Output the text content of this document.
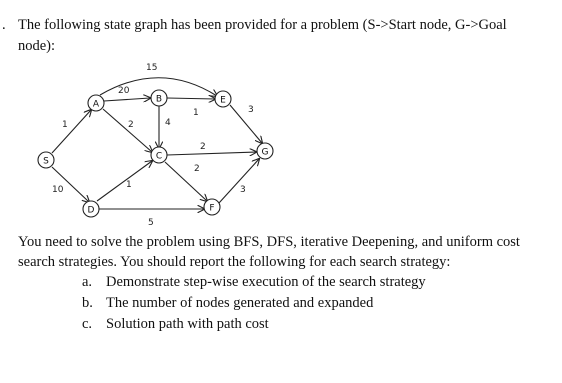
. The following state graph has been provided for a problem (S->Start node, G->Goal
node):
S
A	B
C
D
E
F
G
15
20
1	2	4
1	3
2
2
10	1	3
5
You need to solve the problem using BFS, DFS, iterative Deepening, and uniform cost
search strategies. You should report the following for each search strategy:
a. Demonstrate step-wise execution of the search strategy
b. The number of nodes generated and expanded
c. Solution path with path cost
